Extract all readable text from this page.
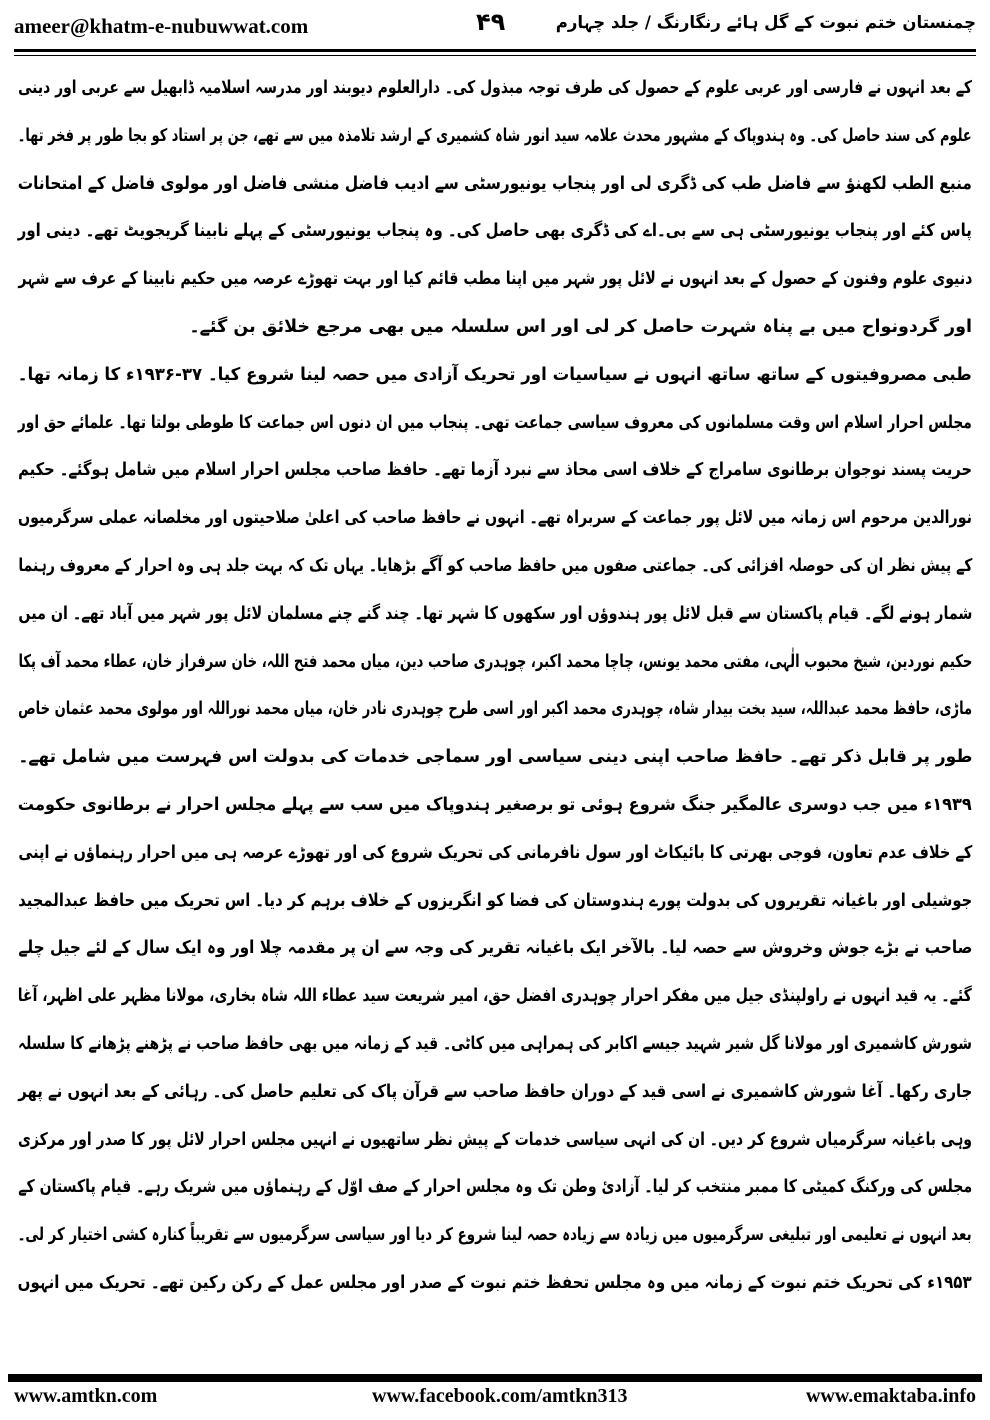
ameer@khatm-e-nubuwwat.com	۴۹	چمنستان ختم نبوت کے گل ہائے رنگارنگ / جلد چہارم
کے بعد انہوں نے فارسی اور عربی علوم کے حصول کی طرف توجہ مبذول کی۔ دارالعلوم دیوبند اور مدرسہ اسلامیہ ڈابھیل سے عربی اور دینی
علوم کی سند حاصل کی۔ وہ ہندوپاک کے مشہور محدث علامہ سید انور شاہ کشمیری کے ارشد تلامذہ میں سے تھے، جن پر استاد کو بجا طور پر فخر تھا۔
منبع الطب لکھنؤ سے فاضل طب کی ڈگری لی اور پنجاب یونیورسٹی سے ادیب فاضل منشی فاضل اور مولوی فاضل کے امتحانات
پاس کئے اور پنجاب یونیورسٹی ہی سے بی۔اے کی ڈگری بھی حاصل کی۔ وہ پنجاب یونیورسٹی کے پہلے نابینا گریجویٹ تھے۔ دینی اور
دنیوی علوم وفنون کے حصول کے بعد انہوں نے لائل پور شہر میں اپنا مطب قائم کیا اور بہت تھوڑے عرصہ میں حکیم نابینا کے عرف سے شہر
اور گردونواح میں بے پناہ شہرت حاصل کر لی اور اس سلسلہ میں بھی مرجع خلائق بن گئے۔
طبی مصروفیتوں کے ساتھ ساتھ انہوں نے سیاسیات اور تحریک آزادی میں حصہ لینا شروع کیا۔ ۳۷-۱۹۳۶ء کا زمانہ تھا۔
مجلس احرار اسلام اس وقت مسلمانوں کی معروف سیاسی جماعت تھی۔ پنجاب میں ان دنوں اس جماعت کا طوطی بولتا تھا۔ علمائے حق اور
حریت پسند نوجوان برطانوی سامراج کے خلاف اسی محاذ سے نبرد آزما تھے۔ حافظ صاحب مجلس احرار اسلام میں شامل ہوگئے۔ حکیم
نورالدین مرحوم اس زمانہ میں لائل پور جماعت کے سربراہ تھے۔ انہوں نے حافظ صاحب کی اعلیٰ صلاحیتوں اور مخلصانہ عملی سرگرمیوں
کے پیش نظر ان کی حوصلہ افزائی کی۔ جماعتی صفوں میں حافظ صاحب کو آگے بڑھایا۔ یہاں تک کہ بہت جلد ہی وہ احرار کے معروف رہنما
شمار ہونے لگے۔ قیام پاکستان سے قبل لائل پور ہندوؤں اور سکھوں کا شہر تھا۔ چند گنے چنے مسلمان لائل پور شہر میں آباد تھے۔ ان میں
حکیم نوردین، شیخ محبوب الٰہی، مفتی محمد یونس، چاچا محمد اکبر، چوہدری صاحب دین، میاں محمد فتح اللہ، خان سرفراز خان، عطاء محمد آف پکا
ماڑی، حافظ محمد عبداللہ، سید بخت بیدار شاہ، چوہدری محمد اکبر اور اسی طرح چوہدری نادر خان، میاں محمد نوراللہ اور مولوی محمد عثمان خاص
طور پر قابل ذکر تھے۔ حافظ صاحب اپنی دینی سیاسی اور سماجی خدمات کی بدولت اس فہرست میں شامل تھے۔
۱۹۳۹ء میں جب دوسری عالمگیر جنگ شروع ہوئی تو برصغیر ہندوپاک میں سب سے پہلے مجلس احرار نے برطانوی حکومت
کے خلاف عدم تعاون، فوجی بھرتی کا بائیکاٹ اور سول نافرمانی کی تحریک شروع کی اور تھوڑے عرصہ ہی میں احرار رہنماؤں نے اپنی
جوشیلی اور باغیانہ تقریروں کی بدولت پورے ہندوستان کی فضا کو انگریزوں کے خلاف برہم کر دیا۔ اس تحریک میں حافظ عبدالمجید
صاحب نے بڑے جوش وخروش سے حصہ لیا۔ بالآخر ایک باغیانہ تقریر کی وجہ سے ان پر مقدمہ چلا اور وہ ایک سال کے لئے جیل چلے
گئے۔ یہ قید انہوں نے راولپنڈی جیل میں مفکر احرار چوہدری افضل حق، امیر شریعت سید عطاء اللہ شاہ بخاری، مولانا مظہر علی اظہر، آغا
شورش کاشمیری اور مولانا گل شیر شہید جیسے اکابر کی ہمراہی میں کاٹی۔ قید کے زمانہ میں بھی حافظ صاحب نے پڑھنے پڑھانے کا سلسلہ
جاری رکھا۔ آغا شورش کاشمیری نے اسی قید کے دوران حافظ صاحب سے قرآن پاک کی تعلیم حاصل کی۔ رہائی کے بعد انہوں نے پھر
وہی باغیانہ سرگرمیاں شروع کر دیں۔ ان کی انہی سیاسی خدمات کے پیش نظر ساتھیوں نے انہیں مجلس احرار لائل پور کا صدر اور مرکزی
مجلس کی ورکنگ کمیٹی کا ممبر منتخب کر لیا۔ آزادئ وطن تک وہ مجلس احرار کے صف اوّل کے رہنماؤں میں شریک رہے۔ قیام پاکستان کے
بعد انہوں نے تعلیمی اور تبلیغی سرگرمیوں میں زیادہ سے زیادہ حصہ لینا شروع کر دیا اور سیاسی سرگرمیوں سے تقریباً کنارہ کشی اختیار کر لی۔
۱۹۵۳ء کی تحریک ختم نبوت کے زمانہ میں وہ مجلس تحفظ ختم نبوت کے صدر اور مجلس عمل کے رکن رکین تھے۔ تحریک میں انہوں
www.amtkn.com	www.facebook.com/amtkn313	www.emaktaba.info
